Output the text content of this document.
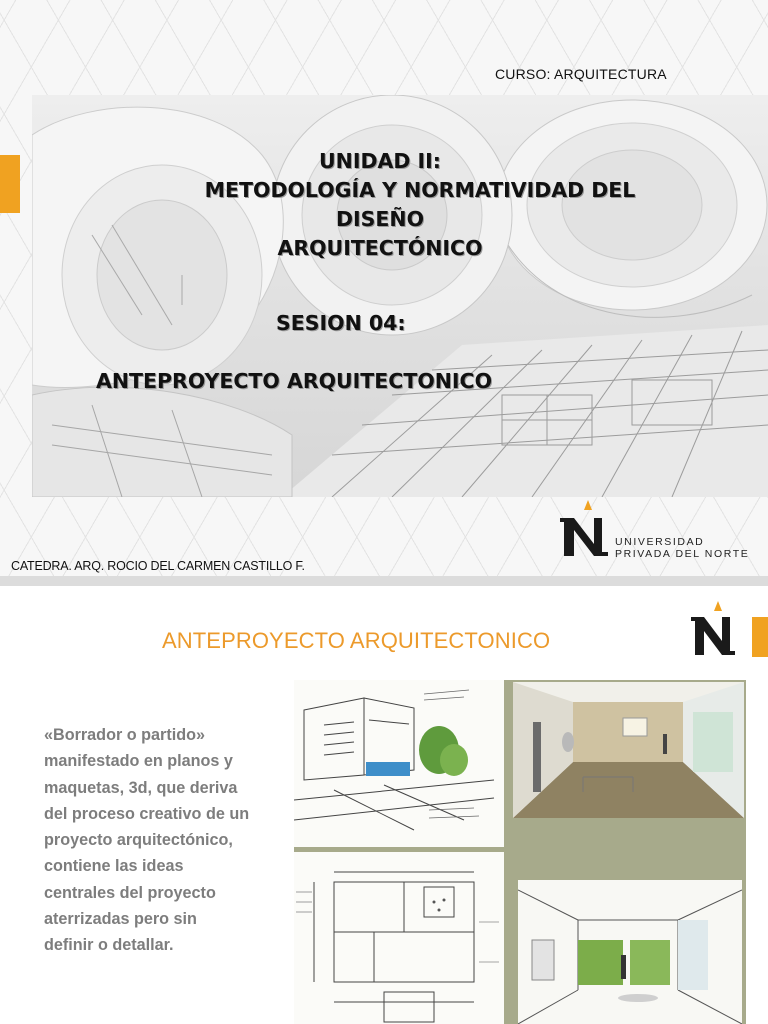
CURSO: ARQUITECTURA
UNIDAD II:
METODOLOGÍA Y NORMATIVIDAD DEL
DISEÑO
ARQUITECTÓNICO
SESION 04:
ANTEPROYECTO ARQUITECTONICO
CATEDRA. ARQ. ROCIO DEL CARMEN CASTILLO F.
UNIVERSIDAD
PRIVADA DEL NORTE
ANTEPROYECTO ARQUITECTONICO
«Borrador o partido»
manifestado en planos y
maquetas, 3d, que deriva
del proceso creativo de un
proyecto arquitectónico,
contiene las ideas
centrales del proyecto
aterrizadas pero sin
definir o detallar.
